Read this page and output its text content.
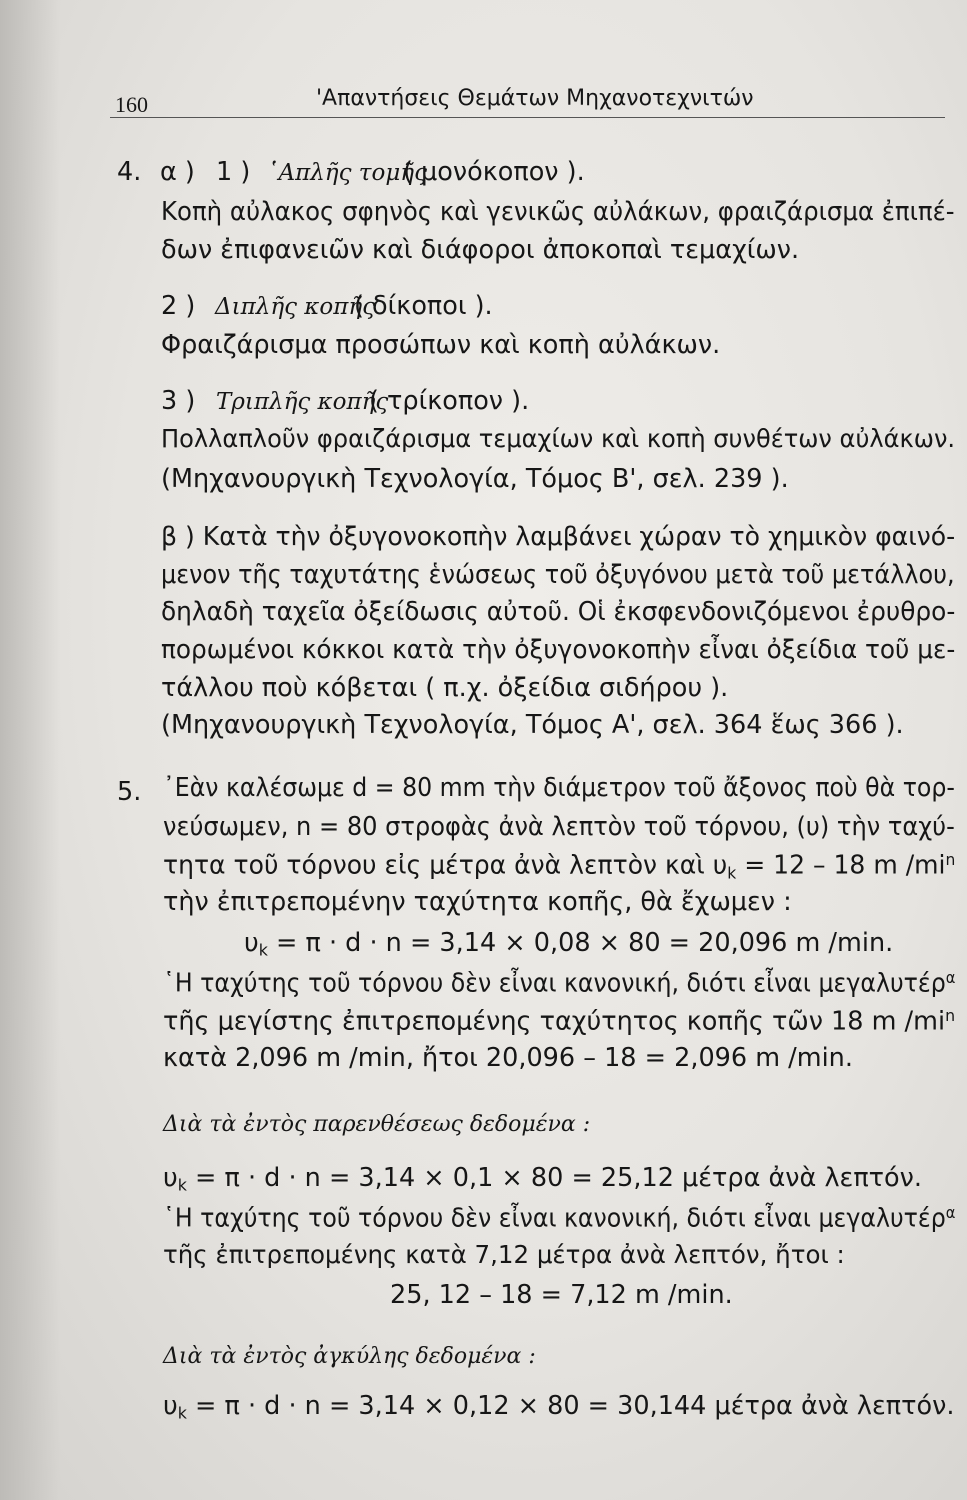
160	'Απαντήσεις Θεμάτων Μηχανοτεχνιτών
4. α ) 1 ) ῾Απλῆς τομῆς
( μονόκοπον ).
Κοπὴ αὐλακος σφηνὸς καὶ γενικῶς αὐλάκων, φραιζάρισμα ἐπιπέ-
δων ἐπιφανειῶν καὶ διάφοροι ἀποκοπαὶ τεμαχίων.
2 ) Διπλῆς κοπῆς
( δίκοποι ).
Φραιζάρισμα προσώπων καὶ κοπὴ αὐλάκων.
3 ) Τριπλῆς κοπῆς
( τρίκοπον ).
Πολλαπλοῦν φραιζάρισμα τεμαχίων καὶ κοπὴ συνθέτων αὐλάκων.
(Μηχανουργικὴ Τεχνολογία, Τόμος Β', σελ. 239 ).
β ) Κατὰ τὴν ὀξυγονοκοπὴν λαμβάνει χώραν τὸ χημικὸν φαινό-
μενον τῆς ταχυτάτης ἑνώσεως τοῦ ὀξυγόνου μετὰ τοῦ μετάλλου,
δηλαδὴ ταχεῖα ὀξείδωσις αὐτοῦ. Οἱ ἐκσφενδονιζόμενοι ἐρυθρο-
πορωμένοι κόκκοι κατὰ τὴν ὀξυγονοκοπὴν εἶναι ὀξείδια τοῦ με-
τάλλου ποὺ κόβεται ( π.χ. ὀξείδια σιδήρου ).
(Μηχανουργικὴ Τεχνολογία, Τόμος Α', σελ. 364 ἕως 366 ).
5. ᾿Εὰν καλέσωμε d = 80 mm τὴν διάμετρον τοῦ ἄξονος ποὺ θὰ τορ-
νεύσωμεν, n = 80 στροφὰς ἀνὰ λεπτὸν τοῦ τόρνου, (υ) τὴν ταχύ-
τητα τοῦ τόρνου εἰς μέτρα ἀνὰ λεπτὸν καὶ $\upsilon_k = 12 - 18$ m $/mi^n$
τὴν ἐπιτρεπομένην ταχύτητα κοπῆς, θὰ ἔχωμεν :
$\upsilon_k = \pi \cdot d \cdot n = 3,14 \times 0,08 \times 80 = 20,096$ m /min.
῾Η ταχύτης τοῦ τόρνου δὲν εἶναι κανονική, διότι εἶναι μεγαλυτέρ$^\alpha$
τῆς μεγίστης ἐπιτρεπομένης ταχύτητος κοπῆς τῶν 18 m $/mi^n$
κατὰ 2,096 m /min, ἤτοι 20,096 – 18 = 2,096 m /min.
Διὰ τὰ ἐντὸς παρενθέσεως δεδομένα :
$\upsilon_k = \pi \cdot d \cdot n = 3,14 \times 0,1 \times 80 = 25,12$ μέτρα ἀνὰ λεπτόν.
῾Η ταχύτης τοῦ τόρνου δὲν εἶναι κανονική, διότι εἶναι μεγαλυτέρ$^\alpha$
τῆς ἐπιτρεπομένης κατὰ 7,12 μέτρα ἀνὰ λεπτόν, ἤτοι :
25, 12 – 18 = 7,12 m /min.
Διὰ τὰ ἐντὸς ἀγκύλης δεδομένα :
$\upsilon_k = \pi \cdot d \cdot n = 3,14 \times 0,12 \times 80 = 30,144$ μέτρα ἀνὰ λεπτόν.
